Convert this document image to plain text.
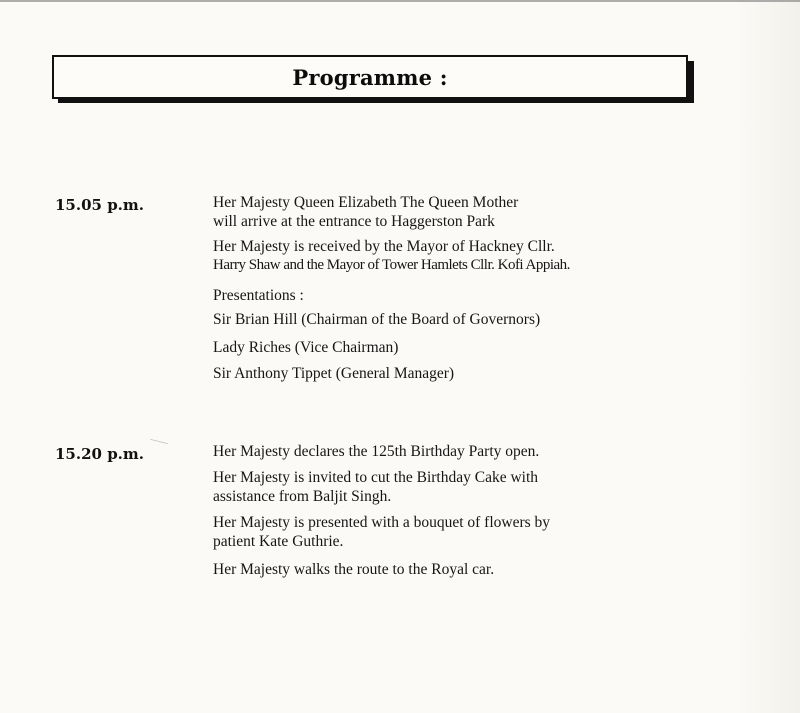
Programme :
15.05 p.m.	Her Majesty Queen Elizabeth The Queen Mother

will arrive at the entrance to Haggerston Park

Her Majesty is received by the Mayor of Hackney Cllr.

Harry Shaw and the Mayor of Tower Hamlets Cllr. Kofi Appiah.

Presentations :

Sir Brian Hill (Chairman of the Board of Governors)

Lady Riches (Vice Chairman)

Sir Anthony Tippet (General Manager)

15.20 p.m.	Her Majesty declares the 125th Birthday Party open.

Her Majesty is invited to cut the Birthday Cake with

assistance from Baljit Singh.

Her Majesty is presented with a bouquet of flowers by

patient Kate Guthrie.

Her Majesty walks the route to the Royal car.
